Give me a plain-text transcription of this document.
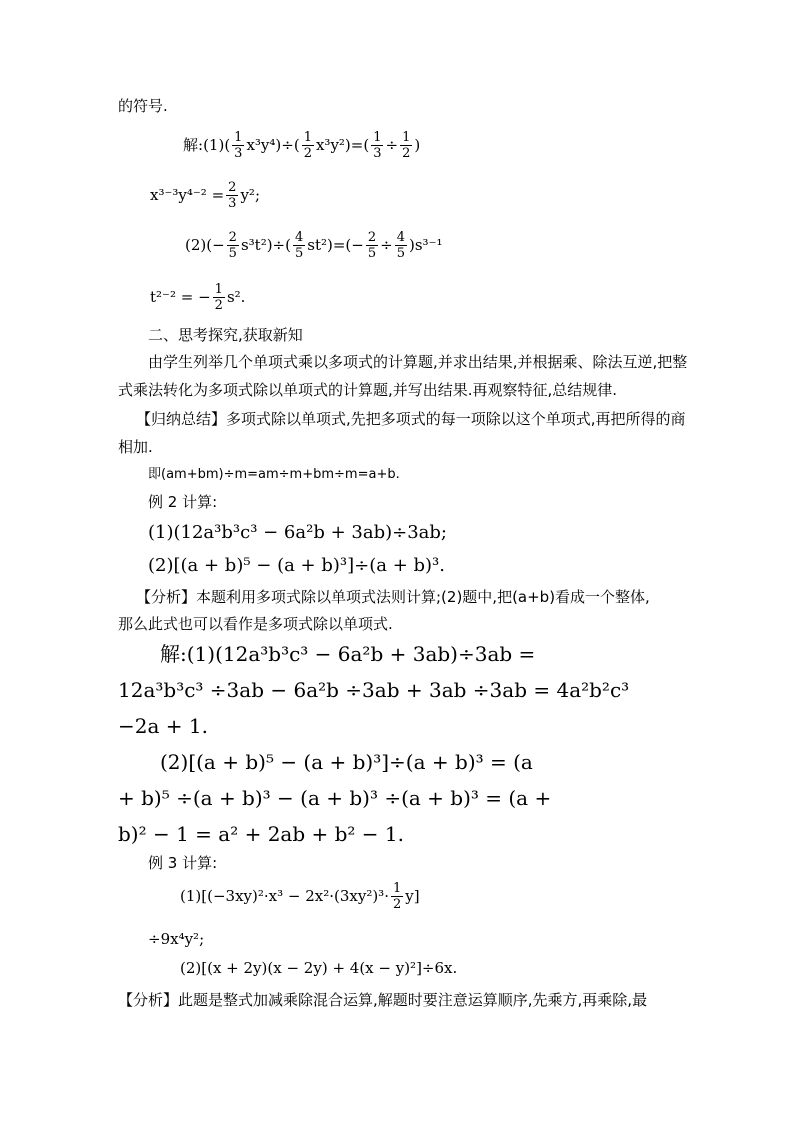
的符号.
解 :(1)( $\frac{1}{3} x^3y^4)\div( \frac{1}{2} x^3y^2)=( \frac{1}{3} \div \frac{1}{2}$ )
$x^{3-3}y^{4-2} = \frac{2}{3} y^2$;
$(2)(- \frac{2}{5} s^3t^2)\div( \frac{4}{5} st^2)=(- \frac{2}{5} \div \frac{4}{5} )s^{3-1}$
t²⁻² = − $\frac{1}{2} s^2$.
二、思考探究,获取新知
由学生列举几个单项式乘以多项式的计算题,并求出结果,并根据乘、除法互逆,把整
式乘法转化为多项式除以单项式的计算题,并写出结果.再观察特征,总结规律.
【归纳总结】多项式除以单项式,先把多项式的每一项除以这个单项式,再把所得的商
相加.
即(am+bm)÷m=am÷m+bm÷m=a+b.
例 2 计算:
(1)(12a³b³c³ − 6a²b + 3ab)÷3ab;
(2)[(a + b)⁵ − (a + b)³]÷(a + b)³.
【分析】本题利用多项式除以单项式法则计算;(2)题中,把(a+b)看成一个整体,
那么此式也可以看作是多项式除以单项式.
解:(1)(12a³b³c³ − 6a²b + 3ab)÷3ab =
12a³b³c³ ÷3ab − 6a²b ÷3ab + 3ab ÷3ab = 4a²b²c³
−2a + 1.
(2)[(a + b)⁵ − (a + b)³]÷(a + b)³ = (a
+ b)⁵ ÷(a + b)³ − (a + b)³ ÷(a + b)³ = (a +
b)² − 1 = a² + 2ab + b² − 1.
例 3 计算:
$(1)[(-3xy)^2\cdot x^3 - 2x^2\cdot(3xy^2)^3\cdot \frac{1}{2} y]$
÷9x⁴y²;
(2)[(x + 2y)(x − 2y) + 4(x − y)²]÷6x.
【分析】此题是整式加减乘除混合运算,解题时要注意运算顺序,先乘方,再乘除,最
